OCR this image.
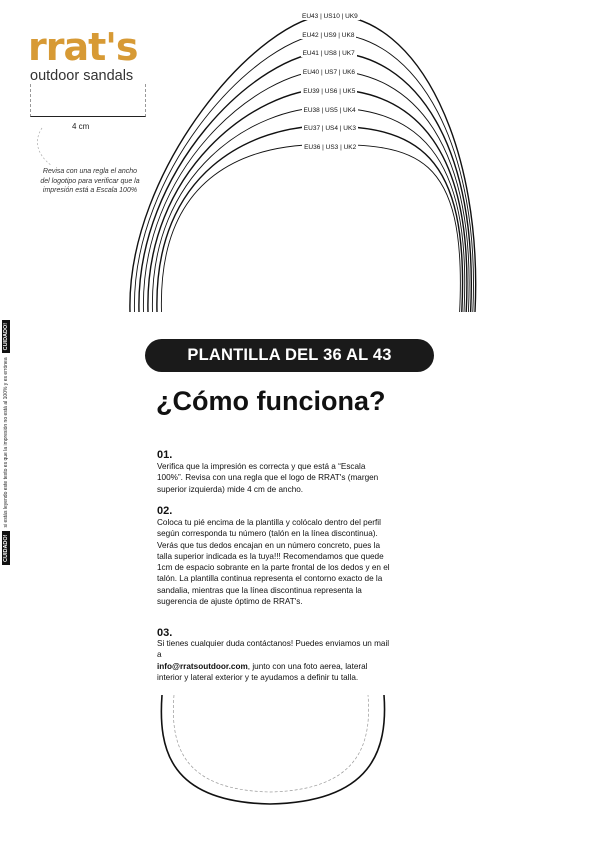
rrat's
outdoor sandals
4 cm
Revisa con una regla el ancho del logotipo para verificar que la impresión está a Escala 100%
CUIDADO!
si estás leyendo este texto es que la impresión no está al 100% y es errónea
CUIDADO!
EU43 | US10 | UK9
EU42 | US9 | UK8
EU41 | US8 | UK7
EU40 | US7 | UK6
EU39 | US6 | UK5
EU38 | US5 | UK4
EU37 | US4 | UK3
EU36 | US3 | UK2
PLANTILLA DEL 36 AL 43
¿Cómo funciona?
01.
Verifica que la impresión es correcta y que está a “Escala 100%”. Revisa con una regla que el logo de RRAT's (margen superior izquierda) mide 4 cm de ancho.
02.
Coloca tu pié encima de la plantilla y colócalo dentro del perfil según corresponda tu número (talón en la línea discontinua). Verás que tus dedos encajan en un número concreto, pues la talla superior indicada es la tuya!!! Recomendamos que quede 1cm de espacio sobrante en la parte frontal de los dedos y en el talón. La plantilla continua representa el contorno exacto de la sandalia, mientras que la línea discontinua representa la sugerencia de ajuste óptimo de RRAT's.
03.
Si tienes cualquier duda contáctanos! Puedes enviamos un mail a
info@rratsoutdoor.com, junto con una foto aerea, lateral interior y lateral exterior y te ayudamos a definir tu talla.
